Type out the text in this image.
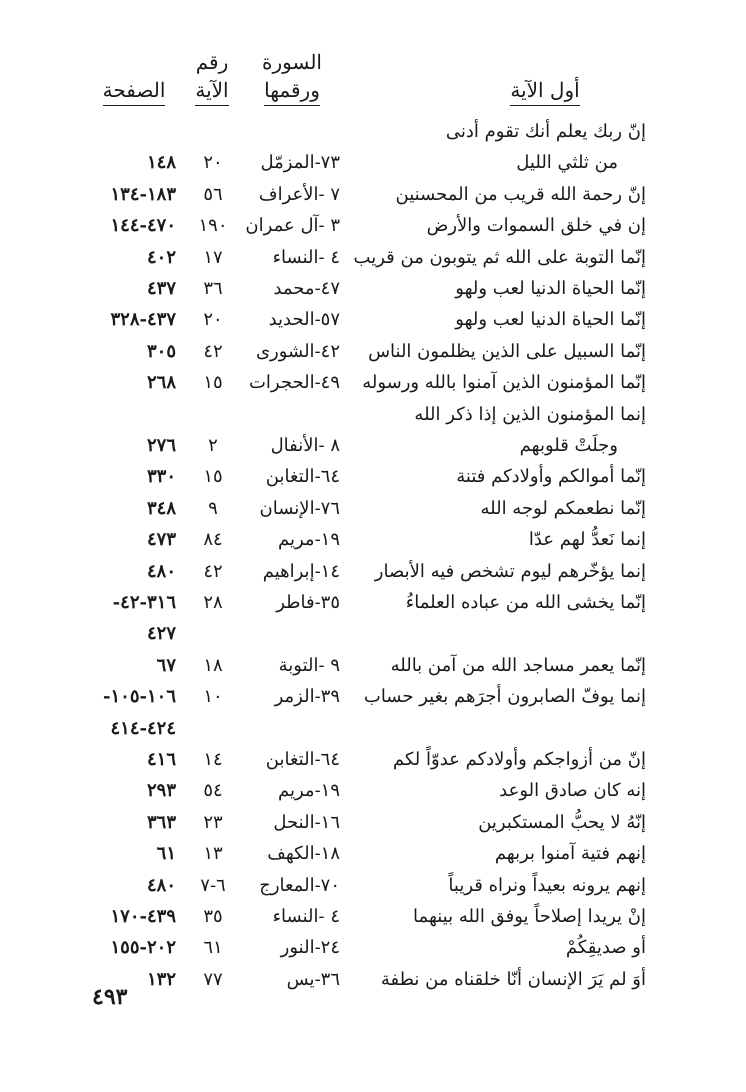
أول الآية
السورة
ورقمها
رقم
الآية
الصفحة
إنّ ربك يعلم أنك تقوم أدنى
من ثلثي الليل
٧٣-المزمّل
٢٠
١٤٨
إنّ رحمة الله قريب من المحسنين
٧ -الأعراف
٥٦
١٨٣-١٣٤
إن في خلق السموات والأرض
٣ -آل عمران
١٩٠
٤٧٠-١٤٤
إنّما التوبة على الله ثم يتوبون من قريب
٤ -النساء
١٧
٤٠٢
إنّما الحياة الدنيا لعب ولهو
٤٧-محمد
٣٦
٤٣٧
إنّما الحياة الدنيا لعب ولهو
٥٧-الحديد
٢٠
٤٣٧-٣٢٨
إنّما السبيل على الذين يظلمون الناس
٤٢-الشورى
٤٢
٣٠٥
إنّما المؤمنون الذين آمنوا بالله ورسوله
٤٩-الحجرات
١٥
٢٦٨
إنما المؤمنون الذين إذا ذكر الله
وجلَتْ قلوبهم
٨ -الأنفال
٢
٢٧٦
إنّما أموالكم وأولادكم فتنة
٦٤-التغابن
١٥
٣٣٠
إنّما نطعمكم لوجه الله
٧٦-الإنسان
٩
٣٤٨
إنما نَعدُّ لهم عدّا
١٩-مريم
٨٤
٤٧٣
إنما يؤخّرهم ليوم تشخص فيه الأبصار
١٤-إبراهيم
٤٢
٤٨٠
إنّما يخشى الله من عباده العلماءُ
٣٥-فاطر
٢٨
٣١٦-٤٢-
٤٢٧
إنّما يعمر مساجد الله من آمن بالله
٩ -التوبة
١٨
٦٧
إنما يوفّ الصابرون أجرَهم بغير حساب
٣٩-الزمر
١٠
١٠٦-١٠٥-
٤٢٤-٤١٤
إنّ من أزواجكم وأولادكم عدوّاً لكم
٦٤-التغابن
١٤
٤١٦
إنه كان صادق الوعد
١٩-مريم
٥٤
٢٩٣
إنّهُ لا يحبُّ المستكبرين
١٦-النحل
٢٣
٣٦٣
إنهم فتية آمنوا بربهم
١٨-الكهف
١٣
٦١
إنهم يرونه بعيداً ونراه قريباً
٧٠-المعارج
٦-٧
٤٨٠
إنْ يريدا إصلاحاً يوفق الله بينهما
٤ -النساء
٣٥
٤٣٩-١٧٠
أو صديقِكُمْ
٢٤-النور
٦١
٢٠٢-١٥٥
أوَ لم يَرَ الإنسان أنّا خلقناه من نطفة
٣٦-يس
٧٧
١٣٢
٤٩٣
